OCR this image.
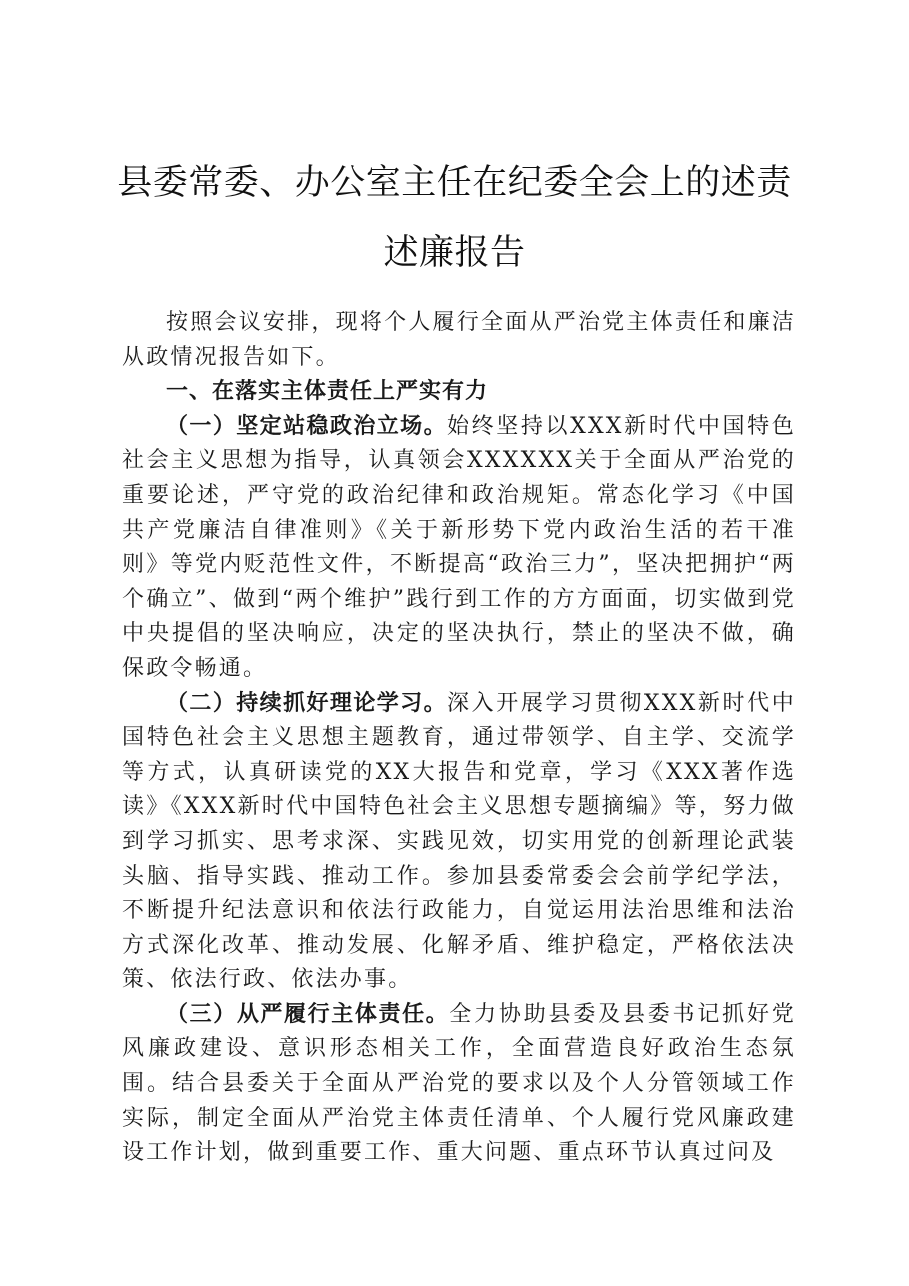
县委常委、办公室主任在纪委全会上的述责述廉报告

按照会议安排，现将个人履行全面从严治党主体责任和廉洁从政情况报告如下。

一、在落实主体责任上严实有力

（一）坚定站稳政治立场。始终坚持以XXX新时代中国特色社会主义思想为指导，认真领会XXXXXX关于全面从严治党的重要论述，严守党的政治纪律和政治规矩。常态化学习《中国共产党廉洁自律准则》《关于新形势下党内政治生活的若干准则》等党内贬范性文件，不断提高“政治三力”，坚决把拥护“两个确立”、做到“两个维护”践行到工作的方方面面，切实做到党中央提倡的坚决响应，决定的坚决执行，禁止的坚决不做，确保政令畅通。

（二）持续抓好理论学习。深入开展学习贯彻XXX新时代中国特色社会主义思想主题教育，通过带领学、自主学、交流学等方式，认真研读党的XX大报告和党章，学习《XXX著作选读》《XXX新时代中国特色社会主义思想专题摘编》等，努力做到学习抓实、思考求深、实践见效，切实用党的创新理论武装头脑、指导实践、推动工作。参加县委常委会会前学纪学法，不断提升纪法意识和依法行政能力，自觉运用法治思维和法治方式深化改革、推动发展、化解矛盾、维护稳定，严格依法决策、依法行政、依法办事。

（三）从严履行主体责任。全力协助县委及县委书记抓好党风廉政建设、意识形态相关工作，全面营造良好政治生态氛围。结合县委关于全面从严治党的要求以及个人分管领域工作实际，制定全面从严治党主体责任清单、个人履行党风廉政建设工作计划，做到重要工作、重大问题、重点环节认真过问及
